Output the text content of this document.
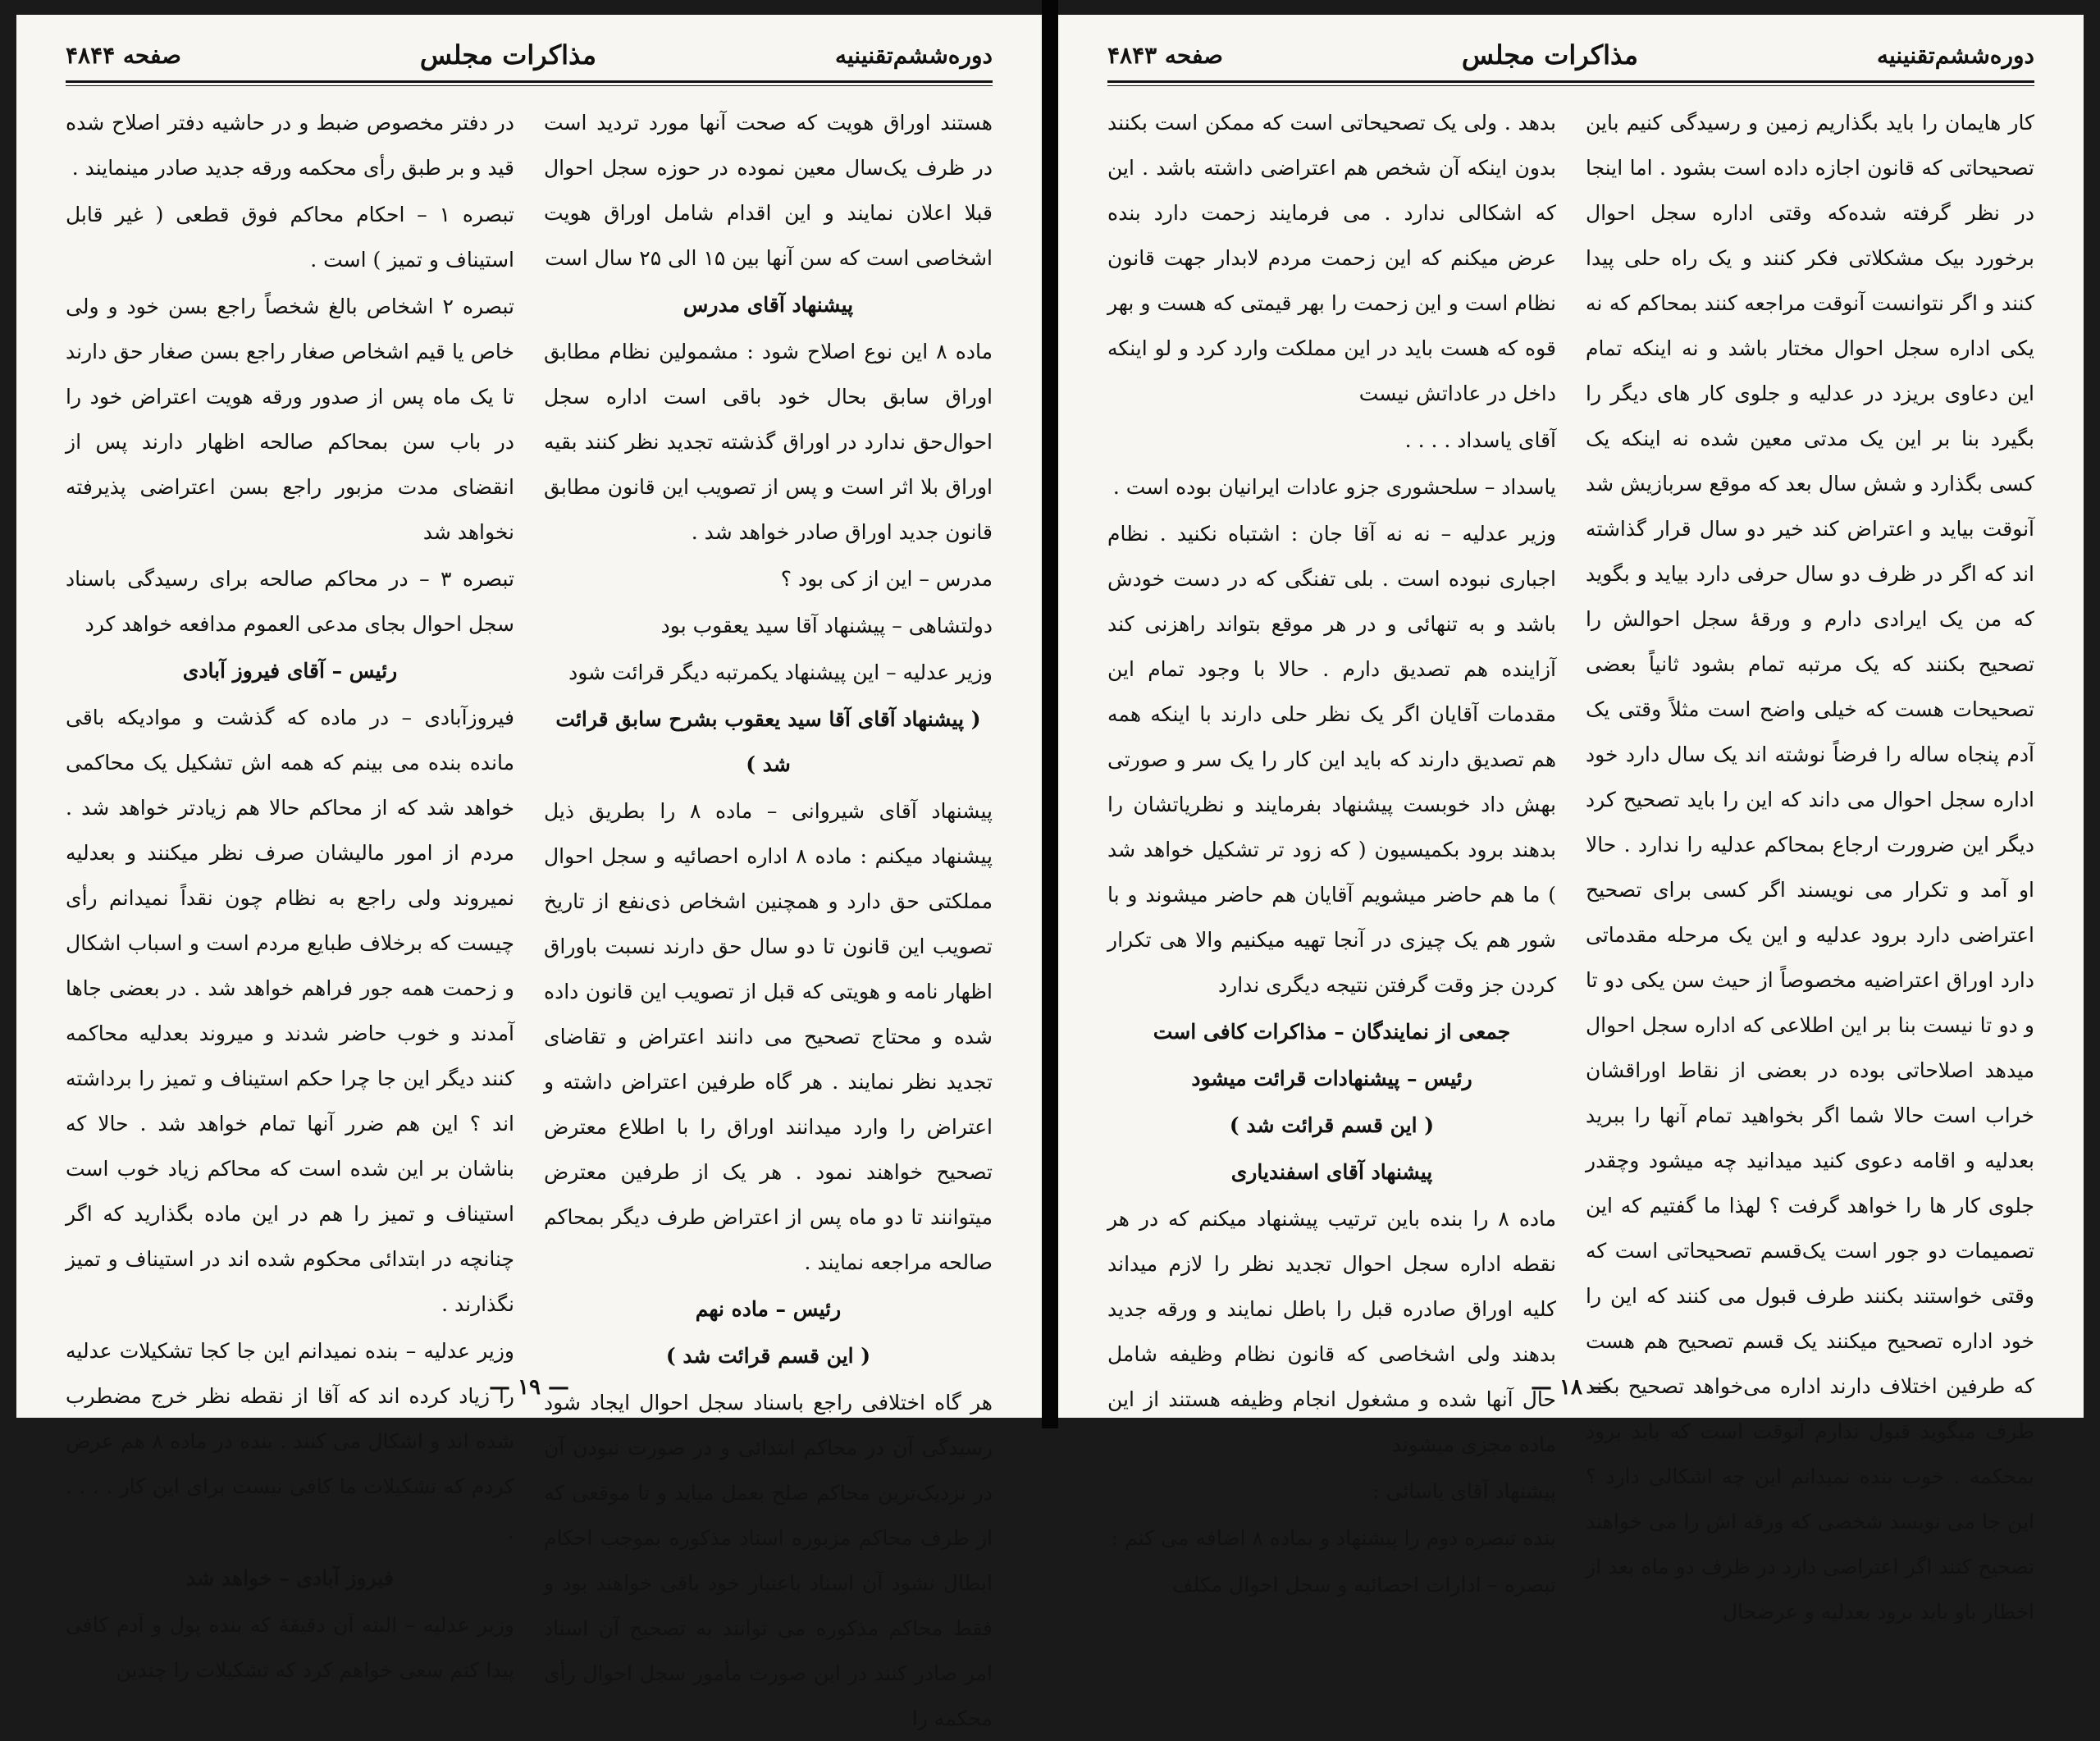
دوره‌ششم‌تقنینیه
مذاکرات مجلس
صفحه ۴۸۴۴

هستند اوراق هویت که صحت آنها مورد تردید است در ظرف یک‌سال معین نموده در حوزه سجل احوال قبلا اعلان نمایند و این اقدام شامل اوراق هویت اشخاصی است که سن آنها بین ۱۵ الی ۲۵ سال است

پیشنهاد آقای مدرس

ماده ۸ این نوع اصلاح شود : مشمولین نظام مطابق اوراق سابق بحال خود باقی است اداره سجل احوال‌حق ندارد در اوراق گذشته تجدید نظر کنند بقیه اوراق بلا اثر است و پس از تصویب این قانون مطابق قانون جدید اوراق صادر خواهد شد .

مدرس – این از کی بود ؟

دولتشاهی – پیشنهاد آقا سید یعقوب بود

وزیر عدلیه – این پیشنهاد یکمرتبه دیگر قرائت شود

( پیشنهاد آقای آقا سید یعقوب بشرح سابق قرائت شد )

پیشنهاد آقای شیروانی – ماده ۸ را بطریق ذیل پیشنهاد میکنم : ماده ۸ اداره احصائیه و سجل احوال مملکتی حق دارد و همچنین اشخاص ذی‌نفع از تاریخ تصویب این قانون تا دو سال حق دارند نسبت باوراق اظهار نامه و هویتی که قبل از تصویب این قانون داده شده و محتاج تصحیح می دانند اعتراض و تقاضای تجدید نظر نمایند . هر گاه طرفین اعتراض داشته و اعتراض را وارد میدانند اوراق را با اطلاع معترض تصحیح خواهند نمود . هر یک از طرفین معترض میتوانند تا دو ماه پس از اعتراض طرف دیگر بمحاکم صالحه مراجعه نمایند .

رئیس – ماده نهم

( این قسم قرائت شد )

هر گاه اختلافی راجع باسناد سجل احوال ایجاد شود رسیدگی آن در محاکم ابتدائی و در صورت نبودن آن در نزدیک‌ترین محاکم صلح بعمل میاید و تا موقعی که از طرف محاکم مزبوره اسناد مذکوره بموجب احکام ابطال نشود آن اسناد باعتبار خود باقی خواهند بود و فقط محاکم مذکوره می توانند به تصحیح آن اسناد امر صادر کنند در این صورت مأمور سجل احوال رأی محکمه را

در دفتر مخصوص ضبط و در حاشیه دفتر اصلاح شده قید و بر طبق رأی محکمه ورقه جدید صادر مینمایند .

تبصره ۱ – احکام محاکم فوق قطعی ( غیر قابل استیناف و تمیز ) است .

تبصره ۲ اشخاص بالغ شخصاً راجع بسن خود و ولی خاص یا قیم اشخاص صغار راجع بسن صغار حق دارند تا یک ماه پس از صدور ورقه هویت اعتراض خود را در باب سن بمحاکم صالحه اظهار دارند پس از انقضای مدت مزبور راجع بسن اعتراضی پذیرفته نخواهد شد

تبصره ۳ – در محاکم صالحه برای رسیدگی باسناد سجل احوال بجای مدعی العموم مدافعه خواهد کرد

رئیس – آقای فیروز آبادی

فیروزآبادی – در ماده که گذشت و موادیکه باقی مانده بنده می بینم که همه اش تشکیل یک محاکمی خواهد شد که از محاکم حالا هم زیادتر خواهد شد . مردم از امور مالیشان صرف نظر میکنند و بعدلیه نمیروند ولی راجع به نظام چون نقداً نمیدانم رأی چیست که برخلاف طبایع مردم است و اسباب اشکال و زحمت همه جور فراهم خواهد شد . در بعضی جاها آمدند و خوب حاضر شدند و میروند بعدلیه محاکمه کنند دیگر این جا چرا حکم استیناف و تمیز را برداشته اند ؟ این هم ضرر آنها تمام خواهد شد . حالا که بناشان بر این شده است که محاکم زیاد خوب است استیناف و تمیز را هم در این ماده بگذارید که اگر چنانچه در ابتدائی محکوم شده اند در استیناف و تمیز نگذارند .

وزیر عدلیه – بنده نمیدانم این جا کجا تشکیلات عدلیه را زیاد کرده اند که آقا از نقطه نظر خرج مضطرب شده اند و اشکال می کنند . بنده در ماده ۸ هم عرض کردم که تشکیلات ما کافی نیست برای این کار . . . . .

فیروز آبادی – خواهد شد

وزیر عدلیه – البته آن دقیقهٔ که بنده پول و آدم کافی پیدا کنم سعی خواهم کرد که تشکیلات را چندین

— ۱۹ —
دوره‌ششم‌تقنینیه
مذاکرات مجلس
صفحه ۴۸۴۳

کار هایمان را باید بگذاریم زمین و رسیدگی کنیم باین تصحیحاتی که قانون اجازه داده است بشود . اما اینجا در نظر گرفته شده‌که وقتی اداره سجل احوال برخورد بیک مشکلاتی فکر کنند و یک راه حلی پیدا کنند و اگر نتوانست آنوقت مراجعه کنند بمحاکم که نه یکی اداره سجل احوال مختار باشد و نه اینکه تمام این دعاوی بریزد در عدلیه و جلوی کار های دیگر را بگیرد بنا بر این یک مدتی معین شده نه اینکه یک کسی بگذارد و شش سال بعد که موقع سربازیش شد آنوقت بیاید و اعتراض کند خیر دو سال قرار گذاشته اند که اگر در ظرف دو سال حرفی دارد بیاید و بگوید که من یک ایرادی دارم و ورقهٔ سجل احوالش را تصحیح بکنند که یک مرتبه تمام بشود ثانیاً بعضی تصحیحات هست که خیلی واضح است مثلاً وقتی یک آدم پنجاه ساله را فرضاً نوشته اند یک سال دارد خود اداره سجل احوال می داند که این را باید تصحیح کرد دیگر این ضرورت ارجاع بمحاکم عدلیه را ندارد . حالا او آمد و تکرار می نویسند اگر کسی برای تصحیح اعتراضی دارد برود عدلیه و این یک مرحله مقدماتی دارد اوراق اعتراضیه مخصوصاً از حیث سن یکی دو تا و دو تا نیست بنا بر این اطلاعی که اداره سجل احوال میدهد اصلاحاتی بوده در بعضی از نقاط اوراقشان خراب است حالا شما اگر بخواهید تمام آنها را ببرید بعدلیه و اقامه دعوی کنید میدانید چه میشود وچقدر جلوی کار ها را خواهد گرفت ؟ لهذا ما گفتیم که این تصمیمات دو جور است یک‌قسم تصحیحاتی است که وقتی خواستند بکنند طرف قبول می کنند که این را خود اداره تصحیح میکنند یک قسم تصحیح هم هست که طرفین اختلاف دارند اداره می‌خواهد تصحیح بکند طرف میگوید قبول ندارم آنوقت است که باید برود بمحکمه . خوب بنده نمیدانم این چه اشکالی دارد ؟ این جا می نویسد شخصی که ورقه اش را می خواهند تصحیح کنند اگر اعتراضی دارد در ظرف دو ماه بعد از اخطار باو باید برود بعدلیه و عرضحال

بدهد . ولی یک تصحیحاتی است که ممکن است بکنند بدون اینکه آن شخص هم اعتراضی داشته باشد . این که اشکالی ندارد . می فرمایند زحمت دارد بنده عرض میکنم که این زحمت مردم لابدار جهت قانون نظام است و این زحمت را بهر قیمتی که هست و بهر قوه که هست باید در این مملکت وارد کرد و لو اینکه داخل در عاداتش نیست

آقای یاسداد . . . .

یاسداد – سلحشوری جزو عادات ایرانیان بوده است .

وزیر عدلیه – نه نه آقا جان : اشتباه نکنید . نظام اجباری نبوده است . بلی تفنگی که در دست خودش باشد و به تنهائی و در هر موقع بتواند راهزنی کند آزاینده هم تصدیق دارم . حالا با وجود تمام این مقدمات آقایان اگر یک نظر حلی دارند با اینکه همه هم تصدیق دارند که باید این کار را یک سر و صورتی بهش داد خوبست پیشنهاد بفرمایند و نظریاتشان را بدهند برود بکمیسیون ( که زود تر تشکیل خواهد شد ) ما هم حاضر میشویم آقایان هم حاضر میشوند و با شور هم یک چیزی در آنجا تهیه میکنیم والا هی تکرار کردن جز وقت گرفتن نتیجه دیگری ندارد

جمعی از نمایندگان – مذاکرات کافی است

رئیس – پیشنهادات قرائت میشود

( این قسم قرائت شد )

پیشنهاد آقای اسفندیاری

ماده ۸ را بنده باین ترتیب پیشنهاد میکنم که در هر نقطه اداره سجل احوال تجدید نظر را لازم میداند کلیه اوراق صادره قبل را باطل نمایند و ورقه جدید بدهند ولی اشخاصی که قانون نظام وظیفه شامل حال آنها شده و مشغول انجام وظیفه هستند از این ماده مجزی میشوند

پیشنهاد آقای یاسائی :

بنده تبصره دوم را پیشنهاد و بماده ۸ اضافه می کنم :

تبصره – ادارات احصائیه و سجل احوال مکلف

— ۱۸ —
